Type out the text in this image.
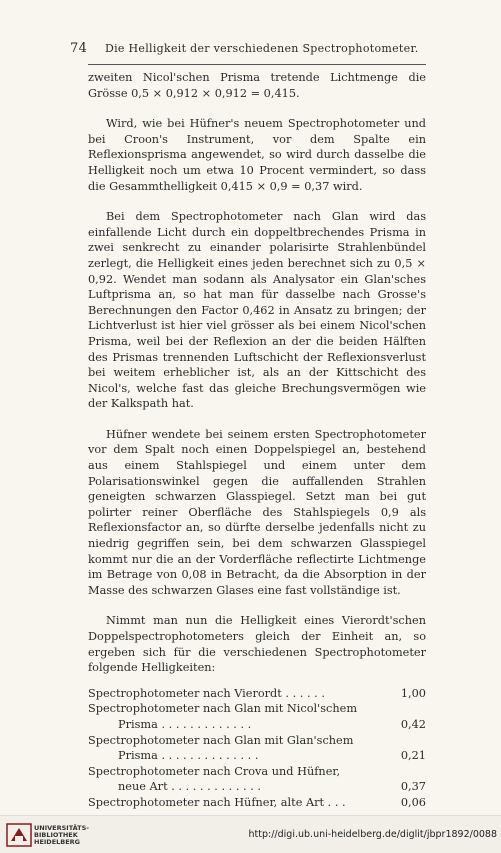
74 Die Helligkeit der verschiedenen Spectrophotometer.

zweiten Nicol'schen Prisma tretende Lichtmenge die Grösse 0,5 × 0,912 × 0,912 = 0,415.

Wird, wie bei Hüfner's neuem Spectrophotometer und bei Croon's Instrument, vor dem Spalte ein Reflexionsprisma angewendet, so wird durch dasselbe die Helligkeit noch um etwa 10 Procent vermindert, so dass die Gesammthelligkeit 0,415 × 0,9 = 0,37 wird.

Bei dem Spectrophotometer nach Glan wird das einfallende Licht durch ein doppeltbrechendes Prisma in zwei senkrecht zu einander polarisirte Strahlenbündel zerlegt, die Helligkeit eines jeden berechnet sich zu 0,5 × 0,92. Wendet man sodann als Analysator ein Glan'sches Luftprisma an, so hat man für dasselbe nach Grosse's Berechnungen den Factor 0,462 in Ansatz zu bringen; der Lichtverlust ist hier viel grösser als bei einem Nicol'schen Prisma, weil bei der Reflexion an der die beiden Hälften des Prismas trennenden Luftschicht der Reflexionsverlust bei weitem erheblicher ist, als an der Kittschicht des Nicol's, welche fast das gleiche Brechungsvermögen wie der Kalkspath hat.

Hüfner wendete bei seinem ersten Spectrophotometer vor dem Spalt noch einen Doppelspiegel an, bestehend aus einem Stahlspiegel und einem unter dem Polarisationswinkel gegen die auffallenden Strahlen geneigten schwarzen Glasspiegel. Setzt man bei gut polirter reiner Oberfläche des Stahlspiegels 0,9 als Reflexionsfactor an, so dürfte derselbe jedenfalls nicht zu niedrig gegriffen sein, bei dem schwarzen Glasspiegel kommt nur die an der Vorderfläche reflectirte Lichtmenge im Betrage von 0,08 in Betracht, da die Absorption in der Masse des schwarzen Glases eine fast vollständige ist.

Nimmt man nun die Helligkeit eines Vierordt'schen Doppelspectrophotometers gleich der Einheit an, so ergeben sich für die verschiedenen Spectrophotometer folgende Helligkeiten:

Spectrophotometer nach Vierordt . . . . . .	1,00
Spectrophotometer nach Glan mit Nicol'schem
Prisma . . . . . . . . . . . . .	0,42
Spectrophotometer nach Glan mit Glan'schem
Prisma . . . . . . . . . . . . . .	0,21
Spectrophotometer nach Crova und Hüfner,
neue Art . . . . . . . . . . . . .	0,37
Spectrophotometer nach Hüfner, alte Art . . .	0,06
UNIVERSITÄTS-
BIBLIOTHEK
HEIDELBERG
http://digi.ub.uni-heidelberg.de/diglit/jbpr1892/0088
